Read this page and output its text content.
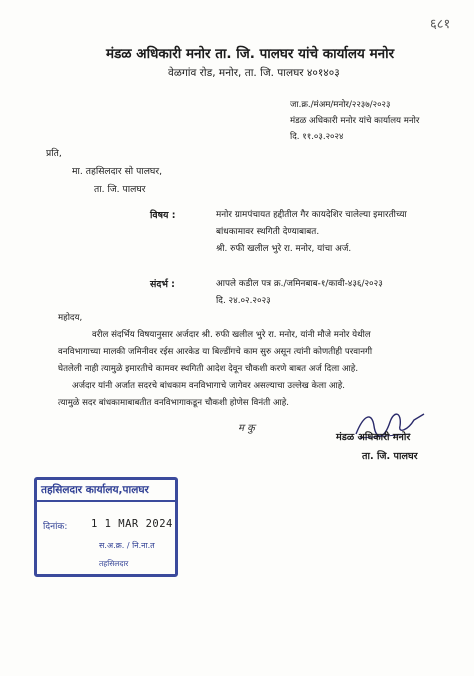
६८१
मंडळ अधिकारी मनोर ता. जि. पालघर यांचे कार्यालय मनोर
वेळगांव रोड, मनोर, ता. जि. पालघर ४०१४०३
जा.क्र./मंअम/मनोर/२२३७/२०२३
मंडळ अधिकारी मनोर यांचे कार्यालय मनोर
दि. ११.०३.२०२४
प्रति,
मा. तहसिलदार सो पालघर,
ता. जि. पालघर
विषय :	मनोर ग्रामपंचायत हद्दीतील गैर कायदेशिर चालेल्या इमारतीच्या
बांधकामावर स्थगिती देण्याबाबत.
श्री. रुफी खलील भुरे रा. मनोर, यांचा अर्ज.
संदर्भ :	आपले कडील पत्र क्र./जमिनबाब-१/कावी-४३६/२०२३
दि. २४.०२.२०२३
महोदय,
वरील संदर्भिय विषयानुसार अर्जदार श्री. रुफी खलील भुरे रा. मनोर, यांनी मौजे मनोर येथील
वनविभागाच्या मालकी जमिनीवर रईस आरकेड या बिल्डींगचे काम सुरु असून त्यांनी कोणतीही परवानगी
घेतलेली नाही त्यामुळे इमारतीचे कामवर स्थगिती आदेश देवून चौकशी करणे बाबत अर्ज दिला आहे.
अर्जदार यांनी अर्जात सदरचे बांधकाम वनविभागाचे जागेवर असल्याचा उल्लेख केला आहे.
त्यामुळे सदर बांधकामाबाबतीत वनविभागाकडून चौकशी होणेस विनंती आहे.
म कु
मंडळ अधिकारी मनोर
ता. जि. पालघर
तहसिलदार कार्यालय,पालघर
दिनांक: 1 1 MAR 2024
स.अ.क्र. / नि.ना.त
तहसिलदार
